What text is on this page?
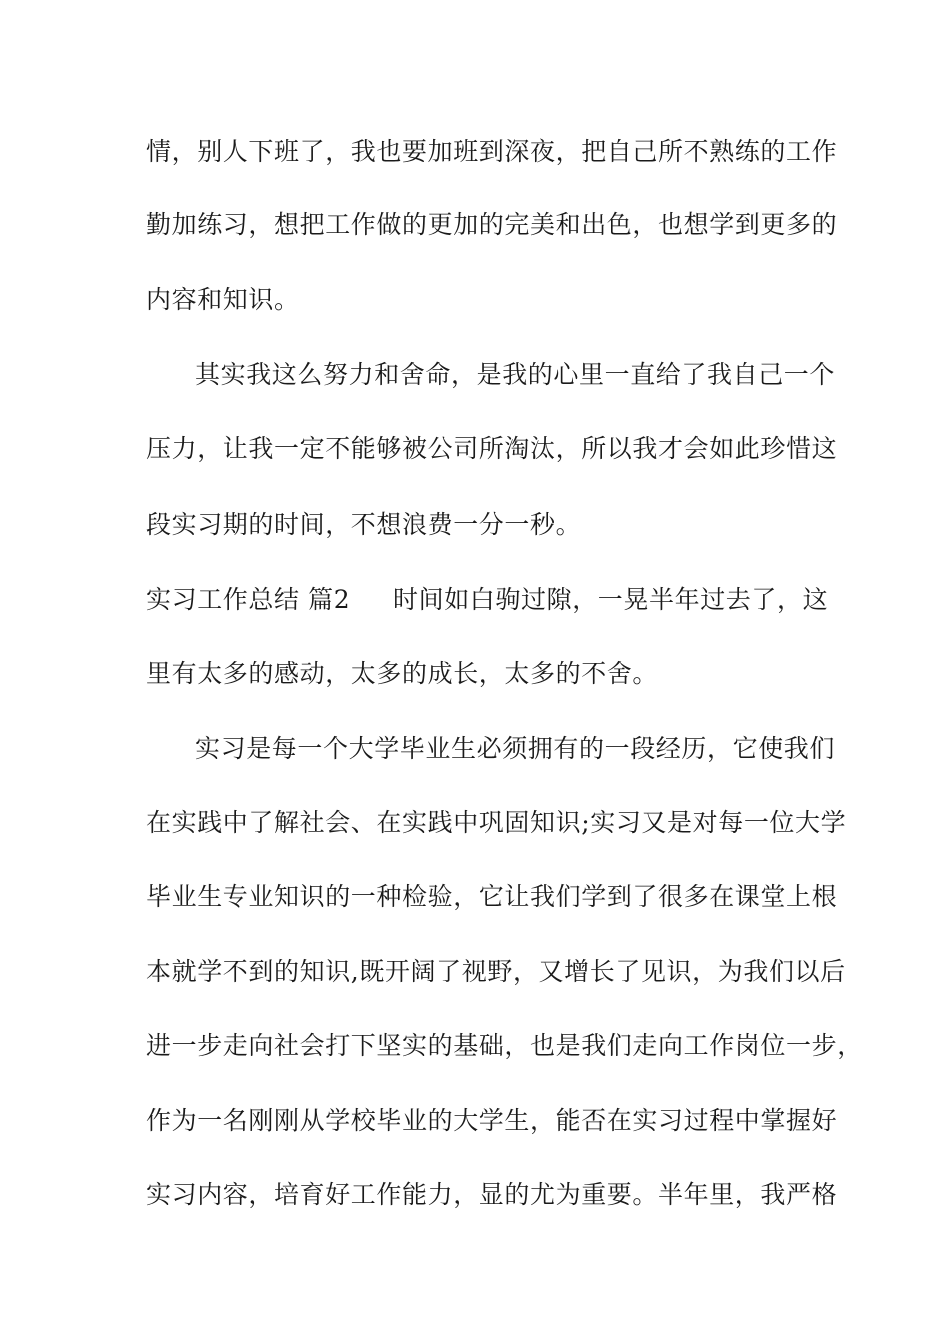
情，别人下班了，我也要加班到深夜，把自己所不熟练的工作
勤加练习，想把工作做的更加的完美和出色，也想学到更多的
内容和知识。
其实我这么努力和舍命，是我的心里一直给了我自己一个
压力，让我一定不能够被公司所淘汰，所以我才会如此珍惜这
段实习期的时间，不想浪费一分一秒。
实习工作总结 篇2 时间如白驹过隙，一晃半年过去了，这
里有太多的感动，太多的成长，太多的不舍。
实习是每一个大学毕业生必须拥有的一段经历，它使我们
在实践中了解社会、在实践中巩固知识;实习又是对每一位大学
毕业生专业知识的一种检验，它让我们学到了很多在课堂上根
本就学不到的知识,既开阔了视野，又增长了见识，为我们以后
进一步走向社会打下坚实的基础，也是我们走向工作岗位一步，
作为一名刚刚从学校毕业的大学生，能否在实习过程中掌握好
实习内容，培育好工作能力，显的尤为重要。半年里，我严格
